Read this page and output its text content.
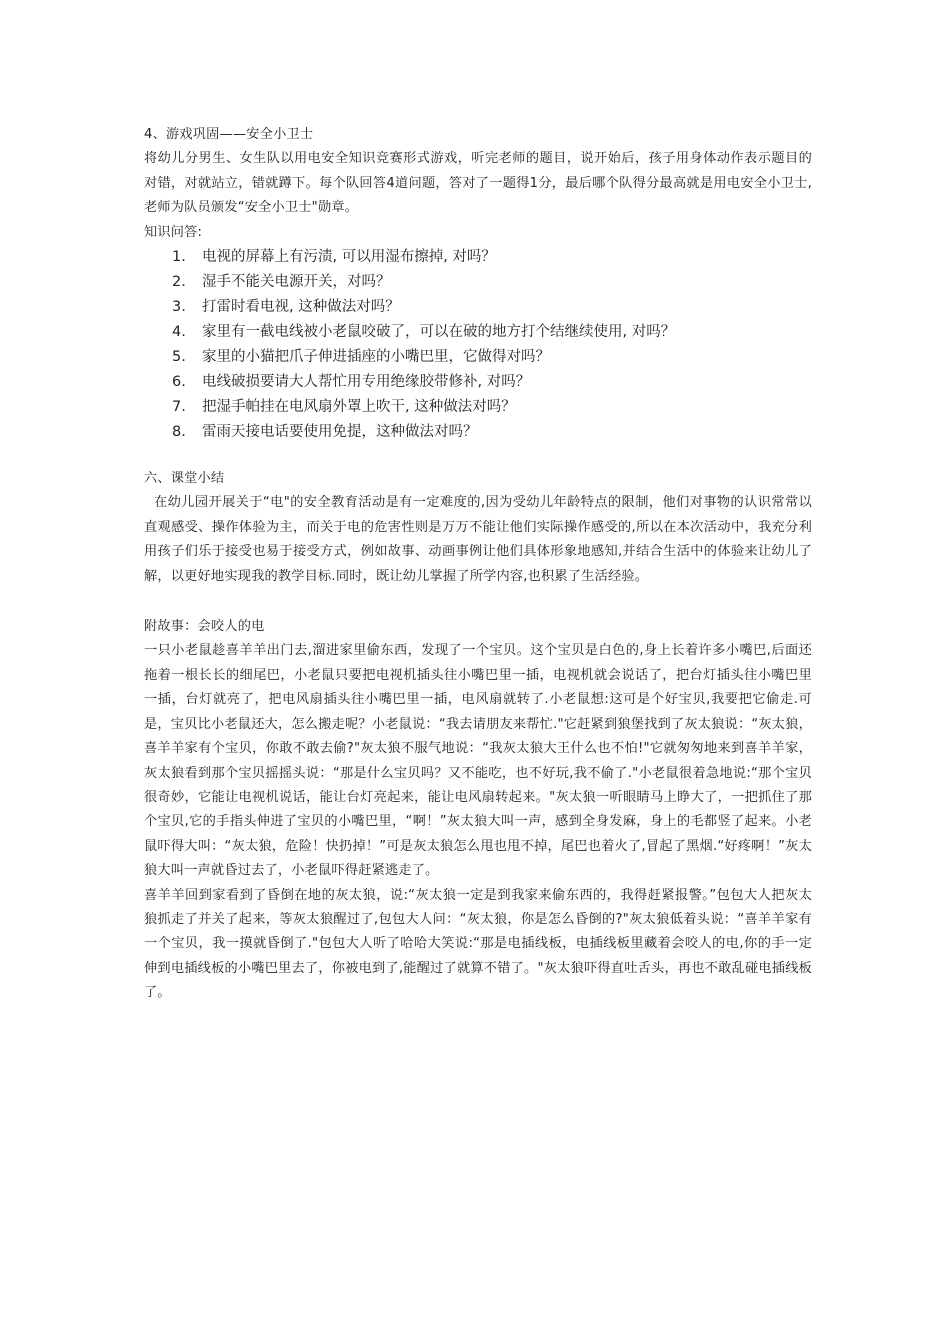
4、游戏巩固——安全小卫士

将幼儿分男生、女生队以用电安全知识竞赛形式游戏，听完老师的题目，说开始后，孩子用身体动作表示题目的对错，对就站立，错就蹲下。每个队回答4道问题，答对了一题得1分，最后哪个队得分最高就是用电安全小卫士,老师为队员颁发“安全小卫士"勋章。

知识问答:

1.	电视的屏幕上有污渍, 可以用湿布擦掉, 对吗？
2.	湿手不能关电源开关，对吗？
3.	打雷时看电视, 这种做法对吗？
4.	家里有一截电线被小老鼠咬破了，可以在破的地方打个结继续使用, 对吗？
5.	家里的小猫把爪子伸进插座的小嘴巴里，它做得对吗？
6.	电线破损要请大人帮忙用专用绝缘胶带修补, 对吗？
7.	把湿手帕挂在电风扇外罩上吹干, 这种做法对吗？
8.	雷雨天接电话要使用免提，这种做法对吗？

六、课堂小结

在幼儿园开展关于“电"的安全教育活动是有一定难度的,因为受幼儿年龄特点的限制，他们对事物的认识常常以直观感受、操作体验为主，而关于电的危害性则是万万不能让他们实际操作感受的,所以在本次活动中，我充分利用孩子们乐于接受也易于接受方式，例如故事、动画事例让他们具体形象地感知,并结合生活中的体验来让幼儿了解，以更好地实现我的教学目标.同时，既让幼儿掌握了所学内容,也积累了生活经验。

附故事：会咬人的电

一只小老鼠趁喜羊羊出门去,溜进家里偷东西，发现了一个宝贝。这个宝贝是白色的,身上长着许多小嘴巴,后面还拖着一根长长的细尾巴，小老鼠只要把电视机插头往小嘴巴里一插，电视机就会说话了，把台灯插头往小嘴巴里一插，台灯就亮了，把电风扇插头往小嘴巴里一插，电风扇就转了.小老鼠想:这可是个好宝贝,我要把它偷走.可是，宝贝比小老鼠还大，怎么搬走呢？小老鼠说：“我去请朋友来帮忙."它赶紧到狼堡找到了灰太狼说：“灰太狼，喜羊羊家有个宝贝，你敢不敢去偷?"灰太狼不服气地说：“我灰太狼大王什么也不怕!"它就匆匆地来到喜羊羊家，灰太狼看到那个宝贝摇摇头说：“那是什么宝贝吗？又不能吃，也不好玩,我不偷了."小老鼠很着急地说:“那个宝贝很奇妙，它能让电视机说话，能让台灯亮起来，能让电风扇转起来。"灰太狼一听眼睛马上睁大了，一把抓住了那个宝贝,它的手指头伸进了宝贝的小嘴巴里，“啊！”灰太狼大叫一声，感到全身发麻，身上的毛都竖了起来。小老鼠吓得大叫：“灰太狼，危险！快扔掉！”可是灰太狼怎么甩也甩不掉，尾巴也着火了,冒起了黑烟.“好疼啊！”灰太狼大叫一声就昏过去了，小老鼠吓得赶紧逃走了。

喜羊羊回到家看到了昏倒在地的灰太狼，说:“灰太狼一定是到我家来偷东西的，我得赶紧报警。”包包大人把灰太狼抓走了并关了起来，等灰太狼醒过了,包包大人问：“灰太狼，你是怎么昏倒的?"灰太狼低着头说：“喜羊羊家有一个宝贝，我一摸就昏倒了."包包大人听了哈哈大笑说:“那是电插线板，电插线板里藏着会咬人的电,你的手一定伸到电插线板的小嘴巴里去了，你被电到了,能醒过了就算不错了。"灰太狼吓得直吐舌头，再也不敢乱碰电插线板了。
